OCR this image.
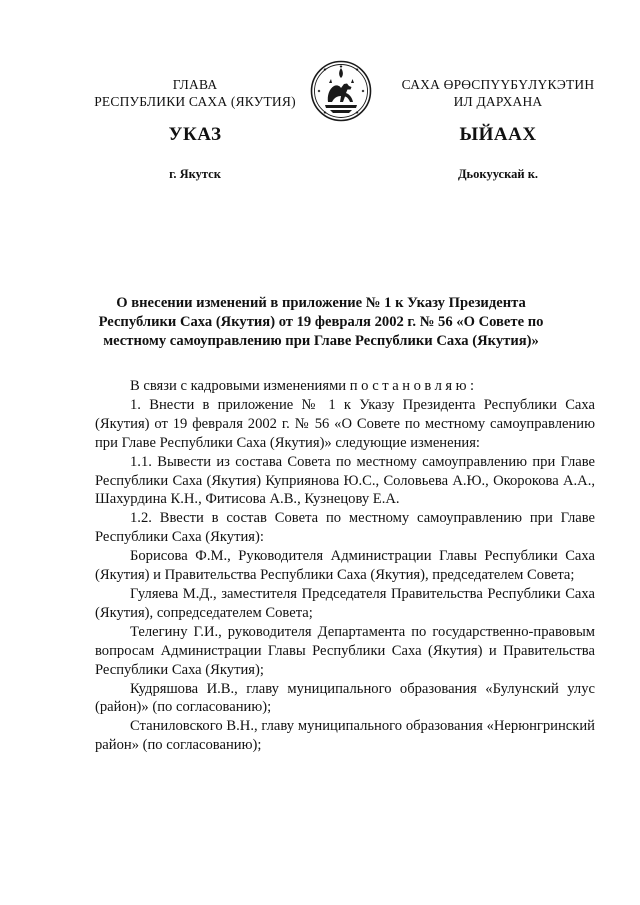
ГЛАВА
РЕСПУБЛИКИ САХА (ЯКУТИЯ)
САХА ӨРӨСПҮҮБҮЛҮКЭТИН
ИЛ ДАРХАНА
УКАЗ	ЫЙААХ
г. Якутск	Дьокуускай к.
О внесении изменений в приложение № 1 к Указу Президента Республики Саха (Якутия) от 19 февраля 2002 г. № 56 «О Совете по местному самоуправлению при Главе Республики Саха (Якутия)»

В связи с кадровыми изменениями постановляю:

1. Внести в приложение № 1 к Указу Президента Республики Саха (Якутия) от 19 февраля 2002 г. № 56 «О Совете по местному самоуправлению при Главе Республики Саха (Якутия)» следующие изменения:

1.1. Вывести из состава Совета по местному самоуправлению при Главе Республики Саха (Якутия) Куприянова Ю.С., Соловьева А.Ю., Окорокова А.А., Шахурдина К.Н., Фитисова А.В., Кузнецову Е.А.

1.2. Ввести в состав Совета по местному самоуправлению при Главе Республики Саха (Якутия):

Борисова Ф.М., Руководителя Администрации Главы Республики Саха (Якутия) и Правительства Республики Саха (Якутия), председателем Совета;

Гуляева М.Д., заместителя Председателя Правительства Республики Саха (Якутия), сопредседателем Совета;

Телегину Г.И., руководителя Департамента по государственно-правовым вопросам Администрации Главы Республики Саха (Якутия) и Правительства Республики Саха (Якутия);

Кудряшова И.В., главу муниципального образования «Булунский улус (район)» (по согласованию);

Станиловского В.Н., главу муниципального образования «Нерюнгринский район» (по согласованию);
